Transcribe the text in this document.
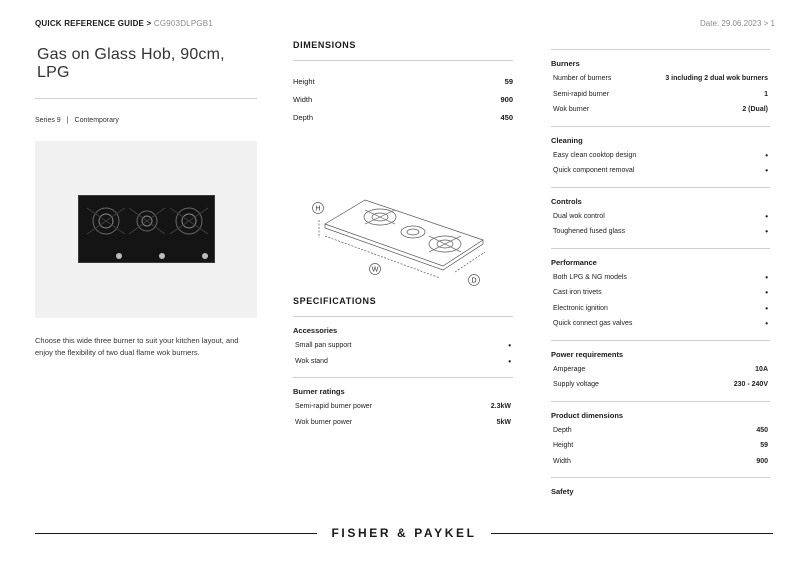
QUICK REFERENCE GUIDE > CG903DLPGB1	Date: 29.06.2023 > 1
Gas on Glass Hob, 90cm, LPG
Series 9 | Contemporary
Choose this wide three burner to suit your kitchen layout, and enjoy the flexibility of two dual flame wok burners.
DIMENSIONS
Height	59
Width	900
Depth	450
SPECIFICATIONS
Accessories
Small pan support	•
Wok stand	•
Burner ratings
Semi-rapid burner power	2.3kW
Wok burner power	5kW
H
W
D
Burners
Number of burners	3 including 2 dual wok burners
Semi-rapid burner	1
Wok burner	2 (Dual)
Cleaning
Easy clean cooktop design	•
Quick component removal	•
Controls
Dual wok control	•
Toughened fused glass	•
Performance
Both LPG & NG models	•
Cast iron trivets	•
Electronic ignition	•
Quick connect gas valves	•
Power requirements
Amperage	10A
Supply voltage	230 - 240V
Product dimensions
Depth	450
Height	59
Width	900
Safety
FISHER & PAYKEL
